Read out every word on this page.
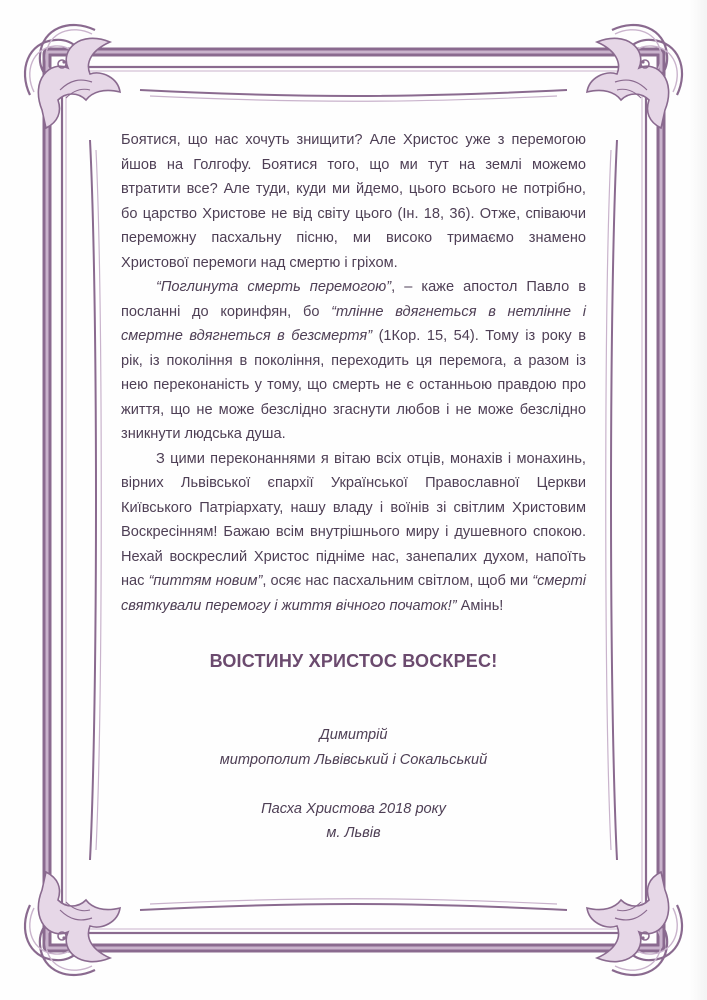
Боятися, що нас хочуть знищити? Але Христос уже з перемогою йшов на Голгофу. Боятися того, що ми тут на землі можемо втратити все? Але туди, куди ми йдемо, цього всього не потрібно, бо царство Христове не від світу цього (Ін. 18, 36). Отже, співаючи переможну пасхальну пісню, ми високо тримаємо знамено Христової перемоги над смертю і гріхом.

“Поглинута смерть перемогою”, – каже апостол Павло в посланні до коринфян, бо “тлінне вдягнеться в нетлінне і смертне вдягнеться в безсмертя” (1Кор. 15, 54). Тому із року в рік, із покоління в покоління, переходить ця перемога, а разом із нею переконаність у тому, що смерть не є останньою правдою про життя, що не може безслідно згаснути любов і не може безслідно зникнути людська душа.

З цими переконаннями я вітаю всіх отців, монахів і монахинь, вірних Львівської єпархії Української Православної Церкви Київського Патріархату, нашу владу і воїнів зі світлим Христовим Воскресінням! Бажаю всім внутрішнього миру і душевного спокою. Нехай воскреслий Христос підніме нас, занепалих духом, напоїть нас “питтям новим”, осяє нас пасхальним світлом, щоб ми “смерті святкували перемогу і життя вічного початок!” Амінь!

ВОІСТИНУ ХРИСТОС ВОСКРЕС!
Димитрій
митрополит Львівський і Сокальський
Пасха Христова 2018 року
м. Львів
